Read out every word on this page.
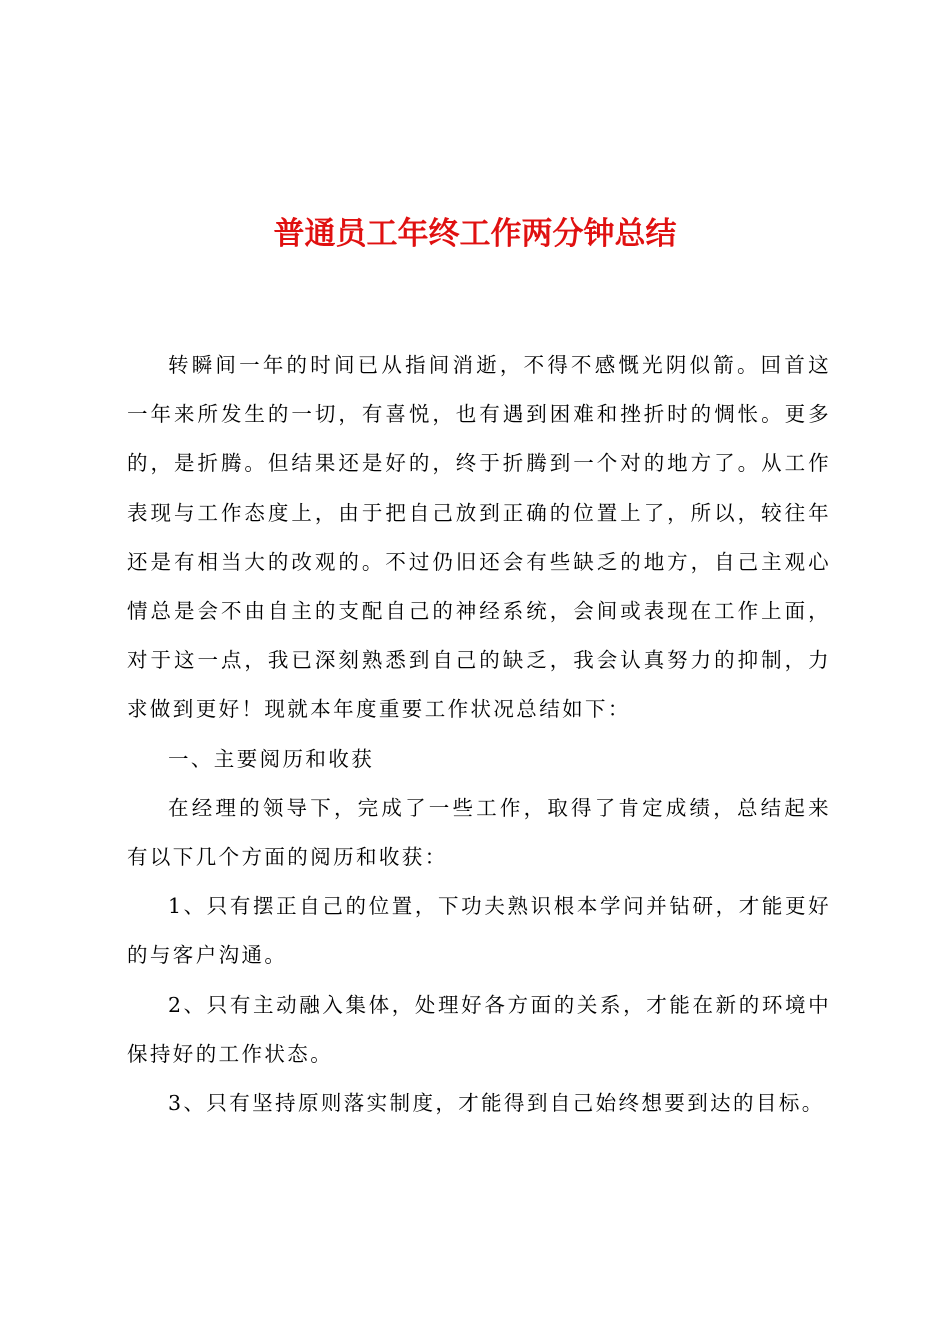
普通员工年终工作两分钟总结

转瞬间一年的时间已从指间消逝，不得不感慨光阴似箭。回首这一年来所发生的一切，有喜悦，也有遇到困难和挫折时的惆怅。更多的，是折腾。但结果还是好的，终于折腾到一个对的地方了。从工作表现与工作态度上，由于把自己放到正确的位置上了，所以，较往年还是有相当大的改观的。不过仍旧还会有些缺乏的地方，自己主观心情总是会不由自主的支配自己的神经系统，会间或表现在工作上面，对于这一点，我已深刻熟悉到自己的缺乏，我会认真努力的抑制，力求做到更好！现就本年度重要工作状况总结如下：

一、主要阅历和收获

在经理的领导下，完成了一些工作，取得了肯定成绩，总结起来有以下几个方面的阅历和收获：

1、只有摆正自己的位置，下功夫熟识根本学问并钻研，才能更好的与客户沟通。

2、只有主动融入集体，处理好各方面的关系，才能在新的环境中保持好的工作状态。

3、只有坚持原则落实制度，才能得到自己始终想要到达的目标。
